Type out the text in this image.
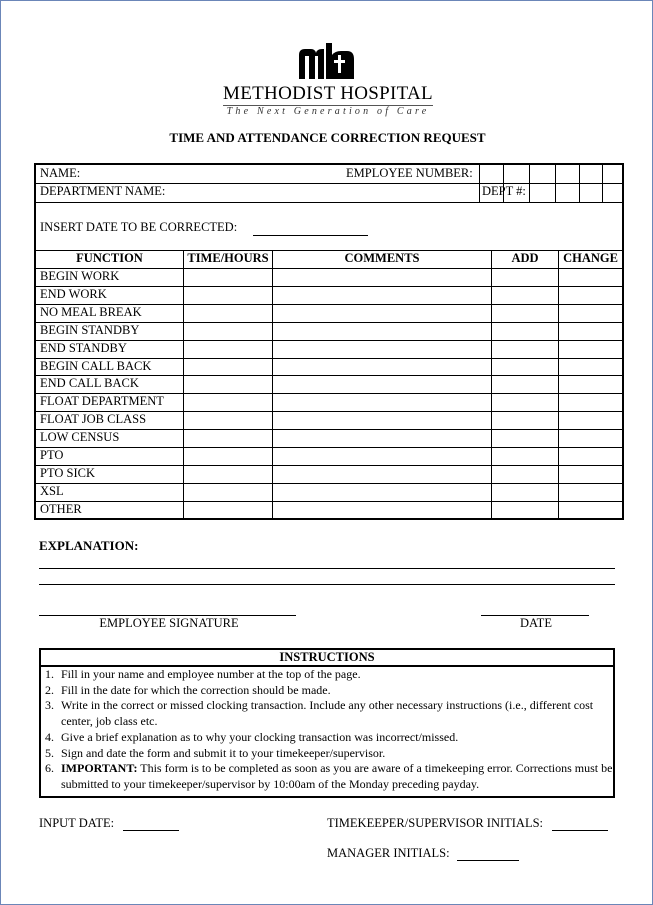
METHODIST HOSPITAL
The Next Generation of Care
TIME AND ATTENDANCE CORRECTION REQUEST
NAME:	EMPLOYEE NUMBER:
DEPARTMENT NAME:	DEPT #:
INSERT DATE TO BE CORRECTED:
FUNCTION	TIME/HOURS	COMMENTS	ADD	CHANGE
BEGIN WORK
END WORK
NO MEAL BREAK
BEGIN STANDBY
END STANDBY
BEGIN CALL BACK
END CALL BACK
FLOAT DEPARTMENT
FLOAT JOB CLASS
LOW CENSUS
PTO
PTO SICK
XSL
OTHER
EXPLANATION:
EMPLOYEE SIGNATURE	DATE
INSTRUCTIONS
1. Fill in your name and employee number at the top of the page.
2. Fill in the date for which the correction should be made.
3. Write in the correct or missed clocking transaction. Include any other necessary instructions (i.e., different cost center, job class etc.
4. Give a brief explanation as to why your clocking transaction was incorrect/missed.
5. Sign and date the form and submit it to your timekeeper/supervisor.
6. IMPORTANT: This form is to be completed as soon as you are aware of a timekeeping error. Corrections must be submitted to your timekeeper/supervisor by 10:00am of the Monday preceding payday.
INPUT DATE:	TIMEKEEPER/SUPERVISOR INITIALS:
MANAGER INITIALS:
